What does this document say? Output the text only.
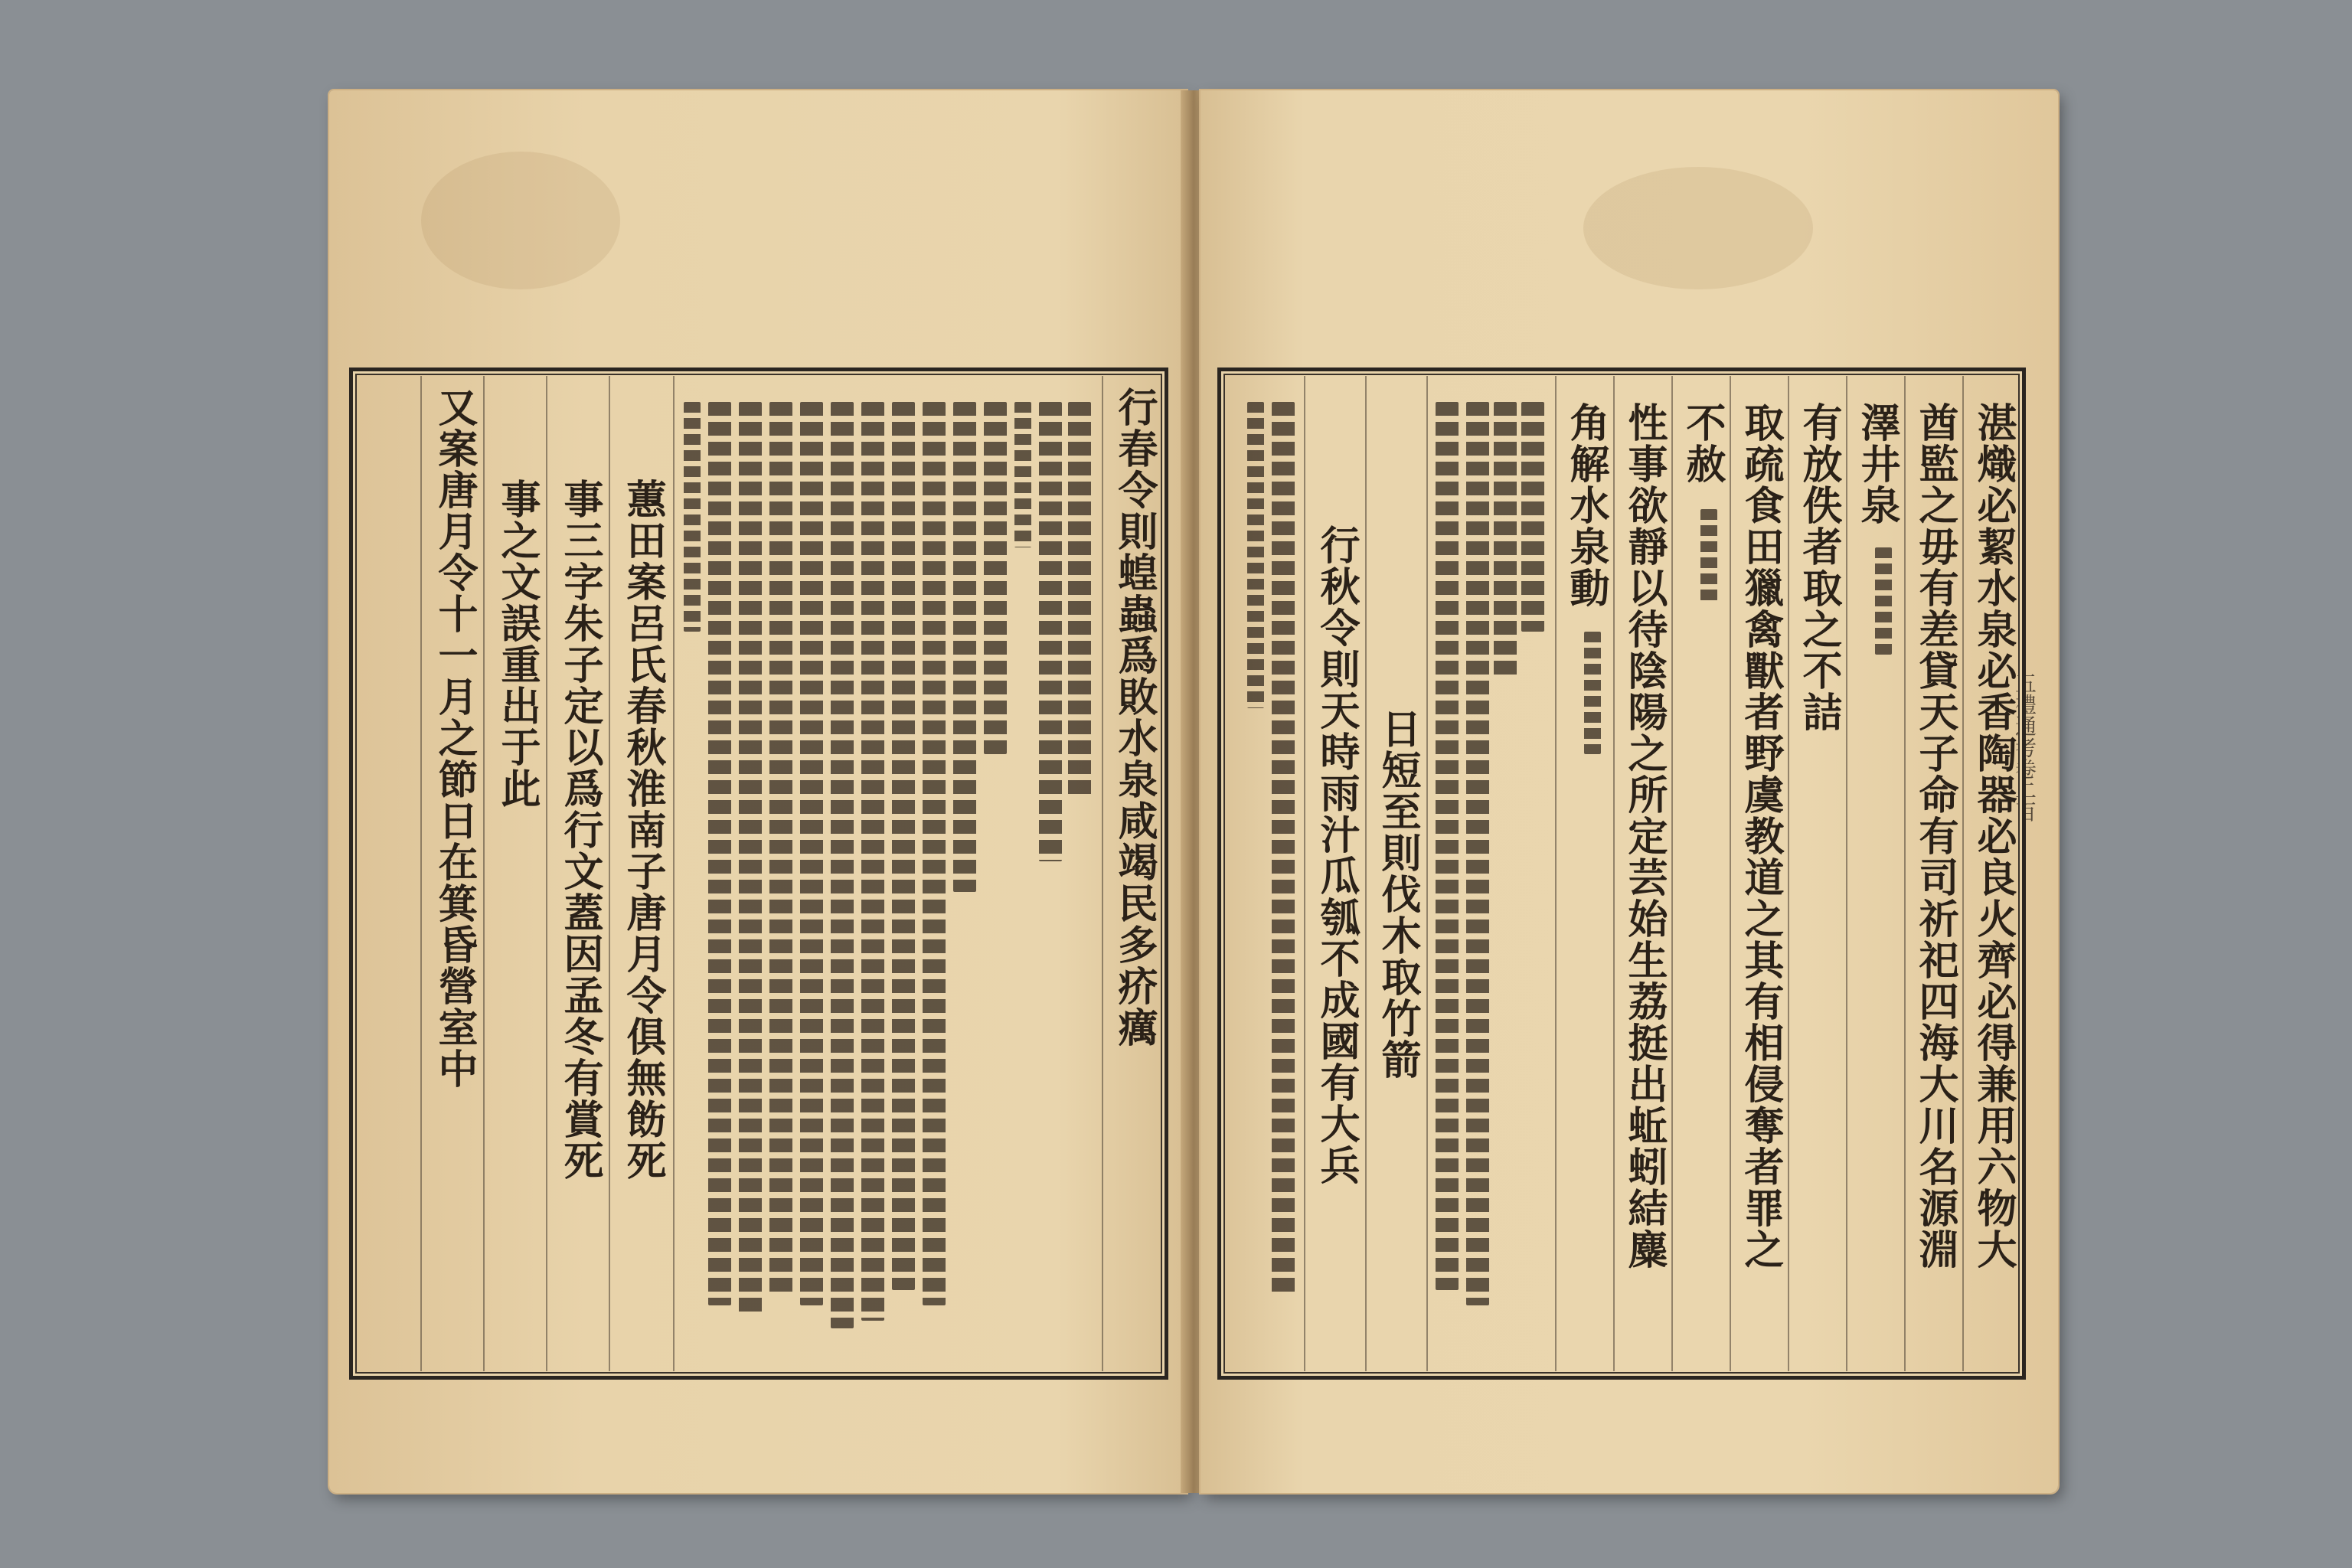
行春令則蝗蟲爲敗水泉咸竭民多疥癘
蕙田案呂氏春秋淮南子唐月令俱無飭死
事三字朱子定以爲行文蓋因孟冬有賞死
事之文誤重出于此
又案唐月令十一月之節日在箕昏營室中	五禮通考卷二百
湛熾必絜水泉必香陶器必良火齊必得兼用六物大
酋監之毋有差貸天子命有司祈祀四海大川名源淵
澤井泉
有放佚者取之不詰
取疏食田獵禽獸者野虞教道之其有相侵奪者罪之
不赦
性事欲靜以待陰陽之所定芸始生荔挺出蚯蚓結麋
角解水泉動
日短至則伐木取竹箭
行秋令則天時雨汁瓜瓠不成國有大兵
